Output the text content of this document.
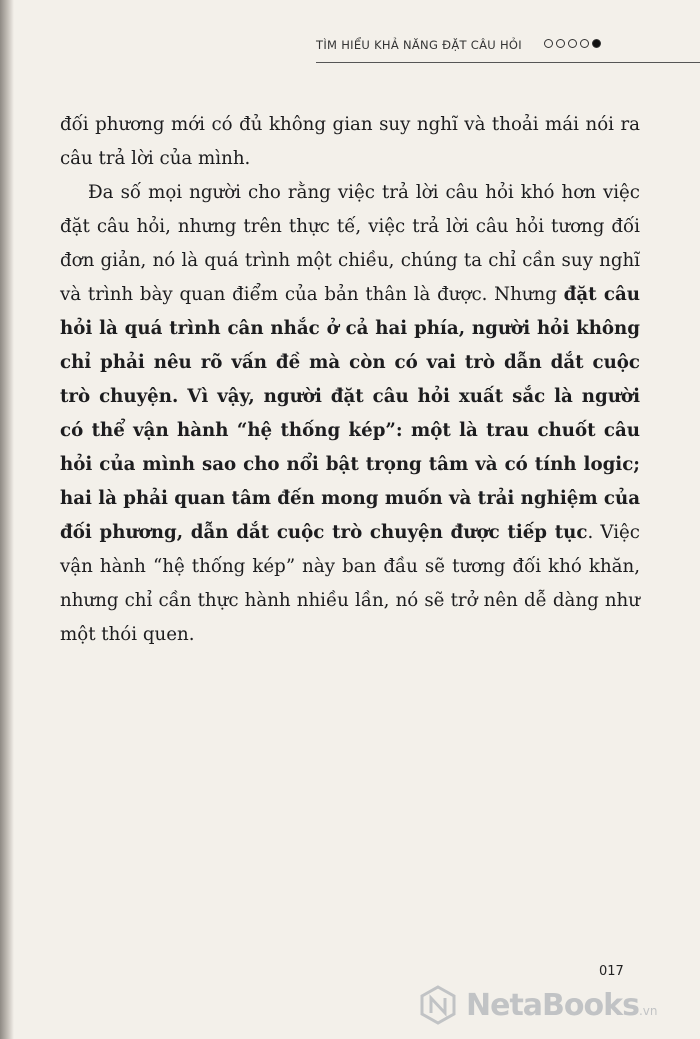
TÌM HIỂU KHẢ NĂNG ĐẶT CÂU HỎI

đối phương mới có đủ không gian suy nghĩ và thoải mái nói ra câu trả lời của mình.

Đa số mọi người cho rằng việc trả lời câu hỏi khó hơn việc đặt câu hỏi, nhưng trên thực tế, việc trả lời câu hỏi tương đối đơn giản, nó là quá trình một chiều, chúng ta chỉ cần suy nghĩ và trình bày quan điểm của bản thân là được. Nhưng đặt câu hỏi là quá trình cân nhắc ở cả hai phía, người hỏi không chỉ phải nêu rõ vấn đề mà còn có vai trò dẫn dắt cuộc trò chuyện. Vì vậy, người đặt câu hỏi xuất sắc là người có thể vận hành “hệ thống kép”: một là trau chuốt câu hỏi của mình sao cho nổi bật trọng tâm và có tính logic; hai là phải quan tâm đến mong muốn và trải nghiệm của đối phương, dẫn dắt cuộc trò chuyện được tiếp tục. Việc vận hành “hệ thống kép” này ban đầu sẽ tương đối khó khăn, nhưng chỉ cần thực hành nhiều lần, nó sẽ trở nên dễ dàng như một thói quen.

017
NetaBooks.vn
